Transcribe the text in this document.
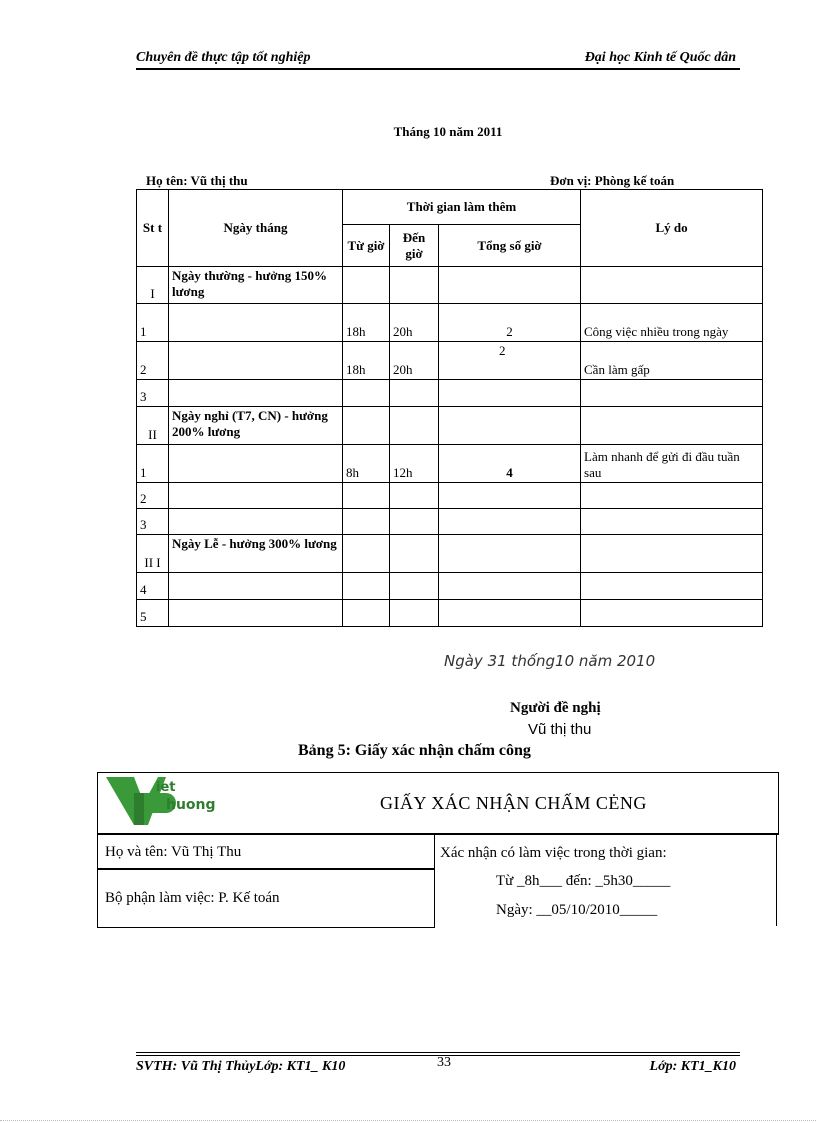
Chuyên đề thực tập tốt nghiệp	Đại học Kinh tế Quốc dân
Tháng 10 năm 2011
Họ tên: Vũ thị thu	Đơn vị: Phòng kế toán
St t	Ngày tháng	Thời gian làm thêm			Lý do
		Từ giờ	Đến giờ	Tổng số giờ	
I	Ngày thường - hưởng 150% lương				
1		18h	20h	2	Công việc nhiều trong ngày
2		18h	20h	2	Cần làm gấp
3					
II	Ngày nghỉ (T7, CN) - hưởng 200% lương				
1		8h	12h	4	Làm nhanh để gửi đi đầu tuần sau
2					
3					
II I	Ngày Lễ - hưởng 300% lương				
4					
5					
Ngày 31 thống10 năm 2010
Người đề nghị
Vũ thị thu
Bảng 5: Giấy xác nhận chấm công
iet
huong	GIẤY XÁC NHẬN CHẤM CĖNG
Họ và tên: Vũ Thị Thu
Bộ phận làm việc: P. Kế toán
Xác nhận có làm việc trong thời gian:
Từ _8h___ đến: _5h30_____
Ngày: __05/10/2010_____
SVTH: Vũ Thị ThủyLớp: KT1_ K10	33	Lớp: KT1_K10
